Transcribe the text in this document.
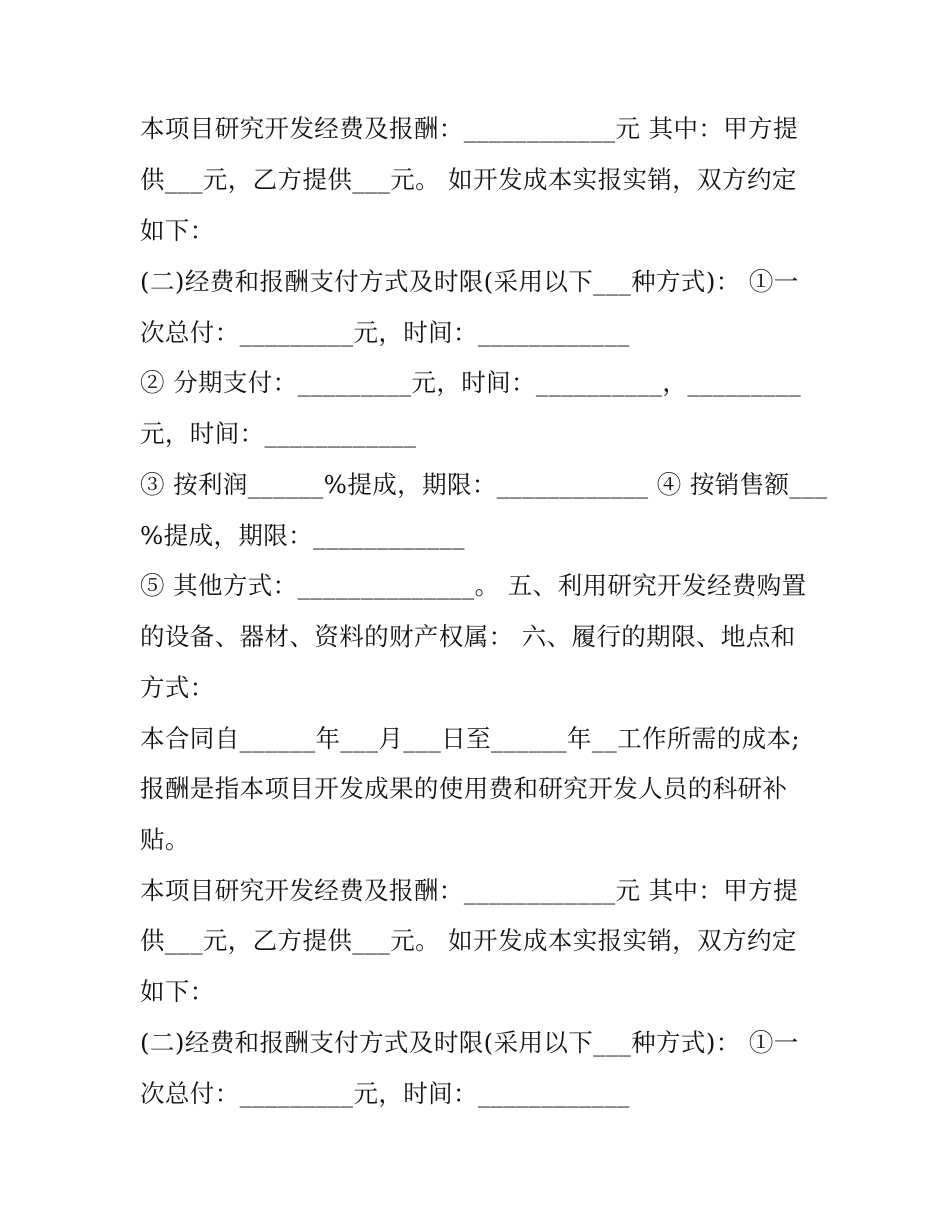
本项目研究开发经费及报酬：____________元 其中：甲方提
供___元，乙方提供___元。 如开发成本实报实销，双方约定
如下：
(二)经费和报酬支付方式及时限(采用以下___种方式)： ①一
次总付：_________元，时间：____________
② 分期支付：_________元，时间：__________，_________
元，时间：____________
③ 按利润______%提成，期限：____________ ④ 按销售额___
%提成，期限：____________
⑤ 其他方式：______________。 五、利用研究开发经费购置
的设备、器材、资料的财产权属： 六、履行的期限、地点和
方式：
本合同自______年___月___日至______年__工作所需的成本;
报酬是指本项目开发成果的使用费和研究开发人员的科研补
贴。
本项目研究开发经费及报酬：____________元 其中：甲方提
供___元，乙方提供___元。 如开发成本实报实销，双方约定
如下：
(二)经费和报酬支付方式及时限(采用以下___种方式)： ①一
次总付：_________元，时间：____________
